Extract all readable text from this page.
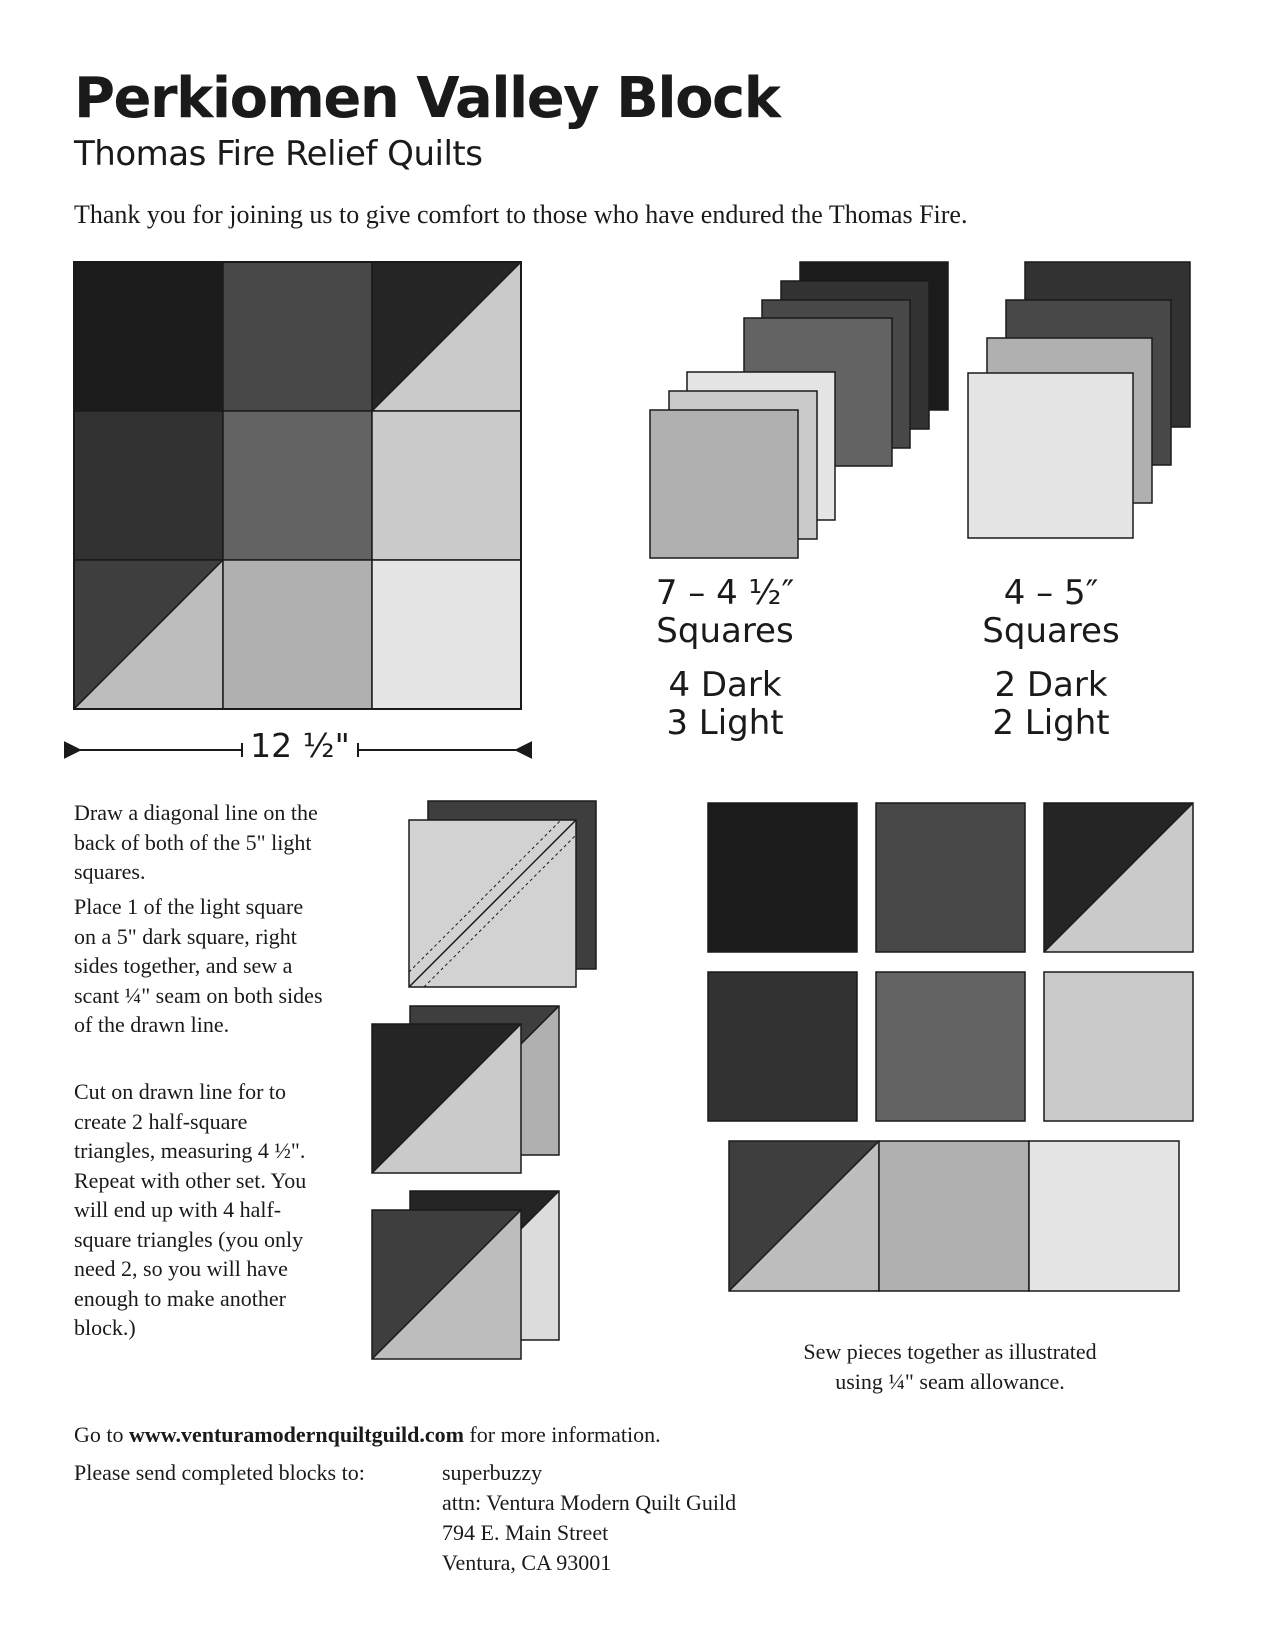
Perkiomen Valley Block
Thomas Fire Relief Quilts
Thank you for joining us to give comfort to those who have endured the Thomas Fire.
12 ½"
7 – 4 ½″
Squares
4 Dark
3 Light
4 – 5″
Squares
2 Dark
2 Light
Draw a diagonal line on the back of both of the 5" light squares.
Place 1 of the light square on a 5" dark square, right sides together, and sew a scant ¼" seam on both sides of the drawn line.
Cut on drawn line for to create 2 half-square triangles, measuring 4 ½". Repeat with other set. You will end up with 4 half-square triangles (you only need 2, so you will have enough to make another block.)
Sew pieces together as illustrated
using ¼" seam allowance.
Go to www.venturamodernquiltguild.com for more information.
Please send completed blocks to:	superbuzzy
attn: Ventura Modern Quilt Guild
794 E. Main Street
Ventura, CA 93001
